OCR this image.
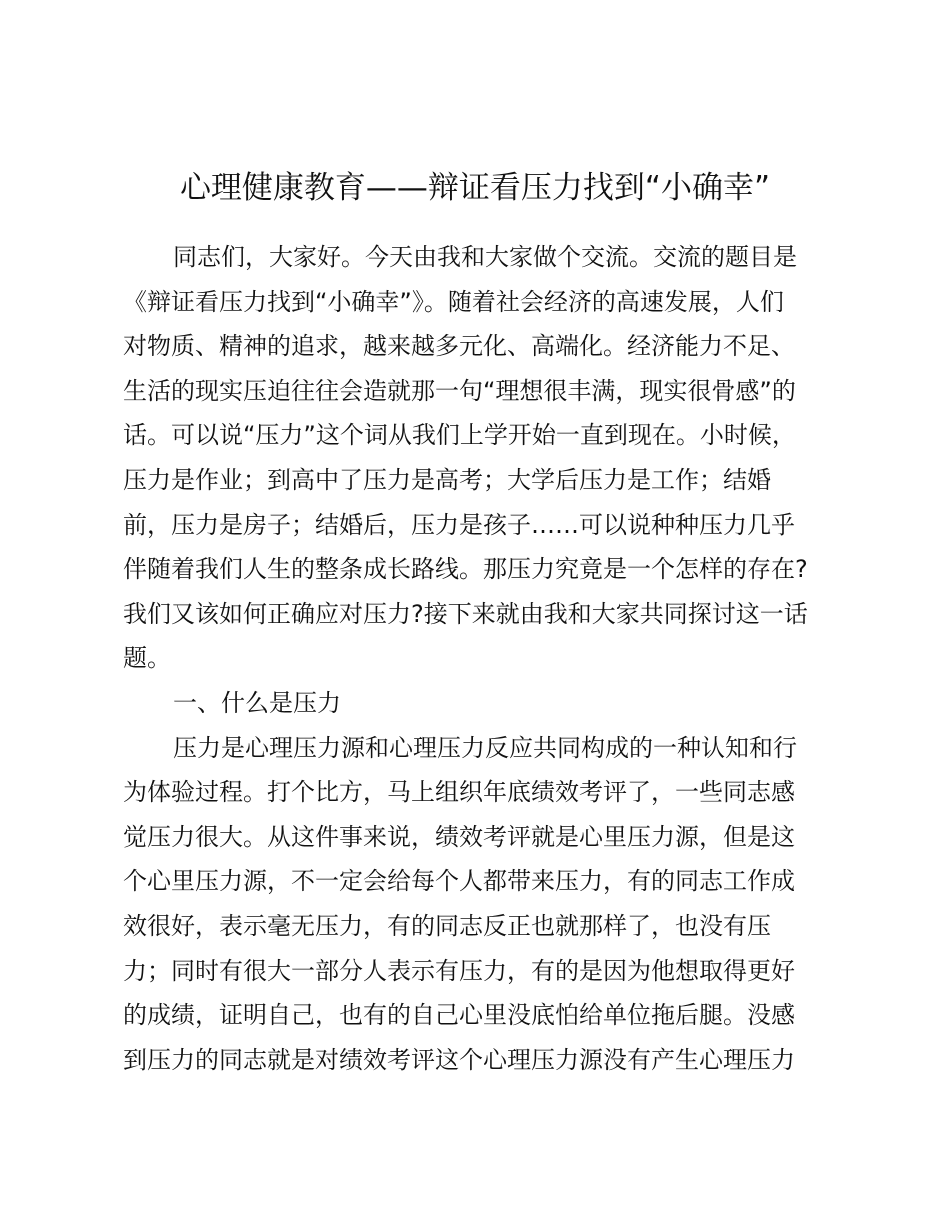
心理健康教育——辩证看压力找到“小确幸”
同志们，大家好。今天由我和大家做个交流。交流的题目是
《辩证看压力找到“小确幸”》。随着社会经济的高速发展，人们
对物质、精神的追求，越来越多元化、高端化。经济能力不足、
生活的现实压迫往往会造就那一句“理想很丰满，现实很骨感”的
话。可以说“压力”这个词从我们上学开始一直到现在。小时候，
压力是作业；到高中了压力是高考；大学后压力是工作；结婚
前，压力是房子；结婚后，压力是孩子……可以说种种压力几乎
伴随着我们人生的整条成长路线。那压力究竟是一个怎样的存在?
我们又该如何正确应对压力?接下来就由我和大家共同探讨这一话
题。
一、什么是压力
压力是心理压力源和心理压力反应共同构成的一种认知和行
为体验过程。打个比方，马上组织年底绩效考评了，一些同志感
觉压力很大。从这件事来说，绩效考评就是心里压力源，但是这
个心里压力源，不一定会给每个人都带来压力，有的同志工作成
效很好，表示毫无压力，有的同志反正也就那样了，也没有压
力；同时有很大一部分人表示有压力，有的是因为他想取得更好
的成绩，证明自己，也有的自己心里没底怕给单位拖后腿。没感
到压力的同志就是对绩效考评这个心理压力源没有产生心理压力
